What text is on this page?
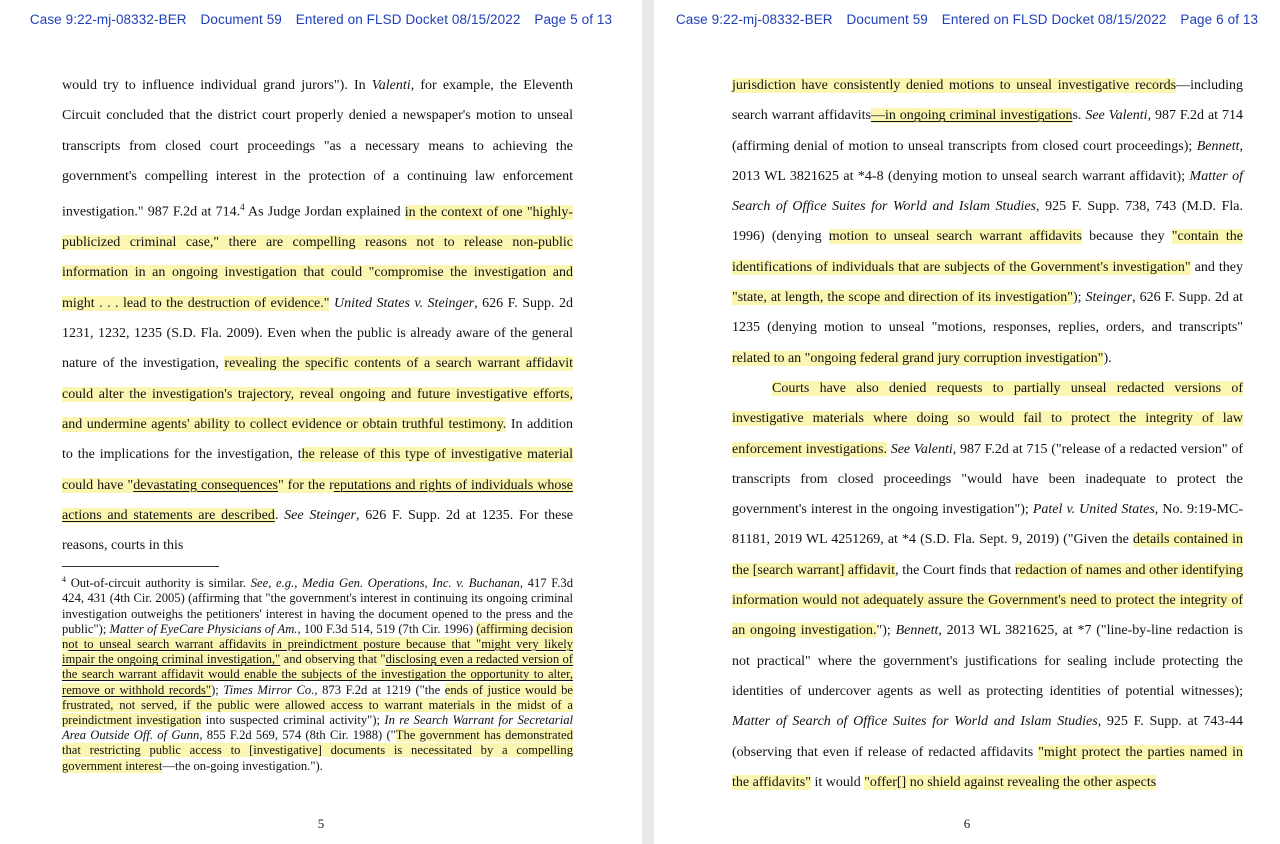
Case 9:22-mj-08332-BER Document 59 Entered on FLSD Docket 08/15/2022 Page 5 of 13

would try to influence individual grand jurors"). In Valenti, for example, the Eleventh Circuit concluded that the district court properly denied a newspaper's motion to unseal transcripts from closed court proceedings "as a necessary means to achieving the government's compelling interest in the protection of a continuing law enforcement investigation." 987 F.2d at 714.$^4$ As Judge Jordan explained in the context of one "highly-publicized criminal case," there are compelling reasons not to release non-public information in an ongoing investigation that could "compromise the investigation and might . . . lead to the destruction of evidence." United States v. Steinger, 626 F. Supp. 2d 1231, 1232, 1235 (S.D. Fla. 2009). Even when the public is already aware of the general nature of the investigation, revealing the specific contents of a search warrant affidavit could alter the investigation's trajectory, reveal ongoing and future investigative efforts, and undermine agents' ability to collect evidence or obtain truthful testimony. In addition to the implications for the investigation, the release of this type of investigative material could have "devastating consequences" for the reputations and rights of individuals whose actions and statements are described. See Steinger, 626 F. Supp. 2d at 1235. For these reasons, courts in this

$^4$ Out-of-circuit authority is similar. See, e.g., Media Gen. Operations, Inc. v. Buchanan, 417 F.3d 424, 431 (4th Cir. 2005) (affirming that "the government's interest in continuing its ongoing criminal investigation outweighs the petitioners' interest in having the document opened to the press and the public"); Matter of EyeCare Physicians of Am., 100 F.3d 514, 519 (7th Cir. 1996) (affirming decision not to unseal search warrant affidavits in preindictment posture because that "might very likely impair the ongoing criminal investigation," and observing that "disclosing even a redacted version of the search warrant affidavit would enable the subjects of the investigation the opportunity to alter, remove or withhold records"); Times Mirror Co., 873 F.2d at 1219 ("the ends of justice would be frustrated, not served, if the public were allowed access to warrant materials in the midst of a preindictment investigation into suspected criminal activity"); In re Search Warrant for Secretarial Area Outside Off. of Gunn, 855 F.2d 569, 574 (8th Cir. 1988) ("The government has demonstrated that restricting public access to [investigative] documents is necessitated by a compelling government interest—the on-going investigation.").

5
Case 9:22-mj-08332-BER Document 59 Entered on FLSD Docket 08/15/2022 Page 6 of 13

jurisdiction have consistently denied motions to unseal investigative records—including search warrant affidavits—in ongoing criminal investigations. See Valenti, 987 F.2d at 714 (affirming denial of motion to unseal transcripts from closed court proceedings); Bennett, 2013 WL 3821625 at *4-8 (denying motion to unseal search warrant affidavit); Matter of Search of Office Suites for World and Islam Studies, 925 F. Supp. 738, 743 (M.D. Fla. 1996) (denying motion to unseal search warrant affidavits because they "contain the identifications of individuals that are subjects of the Government's investigation" and they "state, at length, the scope and direction of its investigation"); Steinger, 626 F. Supp. 2d at 1235 (denying motion to unseal "motions, responses, replies, orders, and transcripts" related to an "ongoing federal grand jury corruption investigation").

Courts have also denied requests to partially unseal redacted versions of investigative materials where doing so would fail to protect the integrity of law enforcement investigations. See Valenti, 987 F.2d at 715 ("release of a redacted version" of transcripts from closed proceedings "would have been inadequate to protect the government's interest in the ongoing investigation"); Patel v. United States, No. 9:19-MC-81181, 2019 WL 4251269, at *4 (S.D. Fla. Sept. 9, 2019) ("Given the details contained in the [search warrant] affidavit, the Court finds that redaction of names and other identifying information would not adequately assure the Government's need to protect the integrity of an ongoing investigation."); Bennett, 2013 WL 3821625, at *7 ("line-by-line redaction is not practical" where the government's justifications for sealing include protecting the identities of undercover agents as well as protecting identities of potential witnesses); Matter of Search of Office Suites for World and Islam Studies, 925 F. Supp. at 743-44 (observing that even if release of redacted affidavits "might protect the parties named in the affidavits" it would "offer[] no shield against revealing the other aspects

6
